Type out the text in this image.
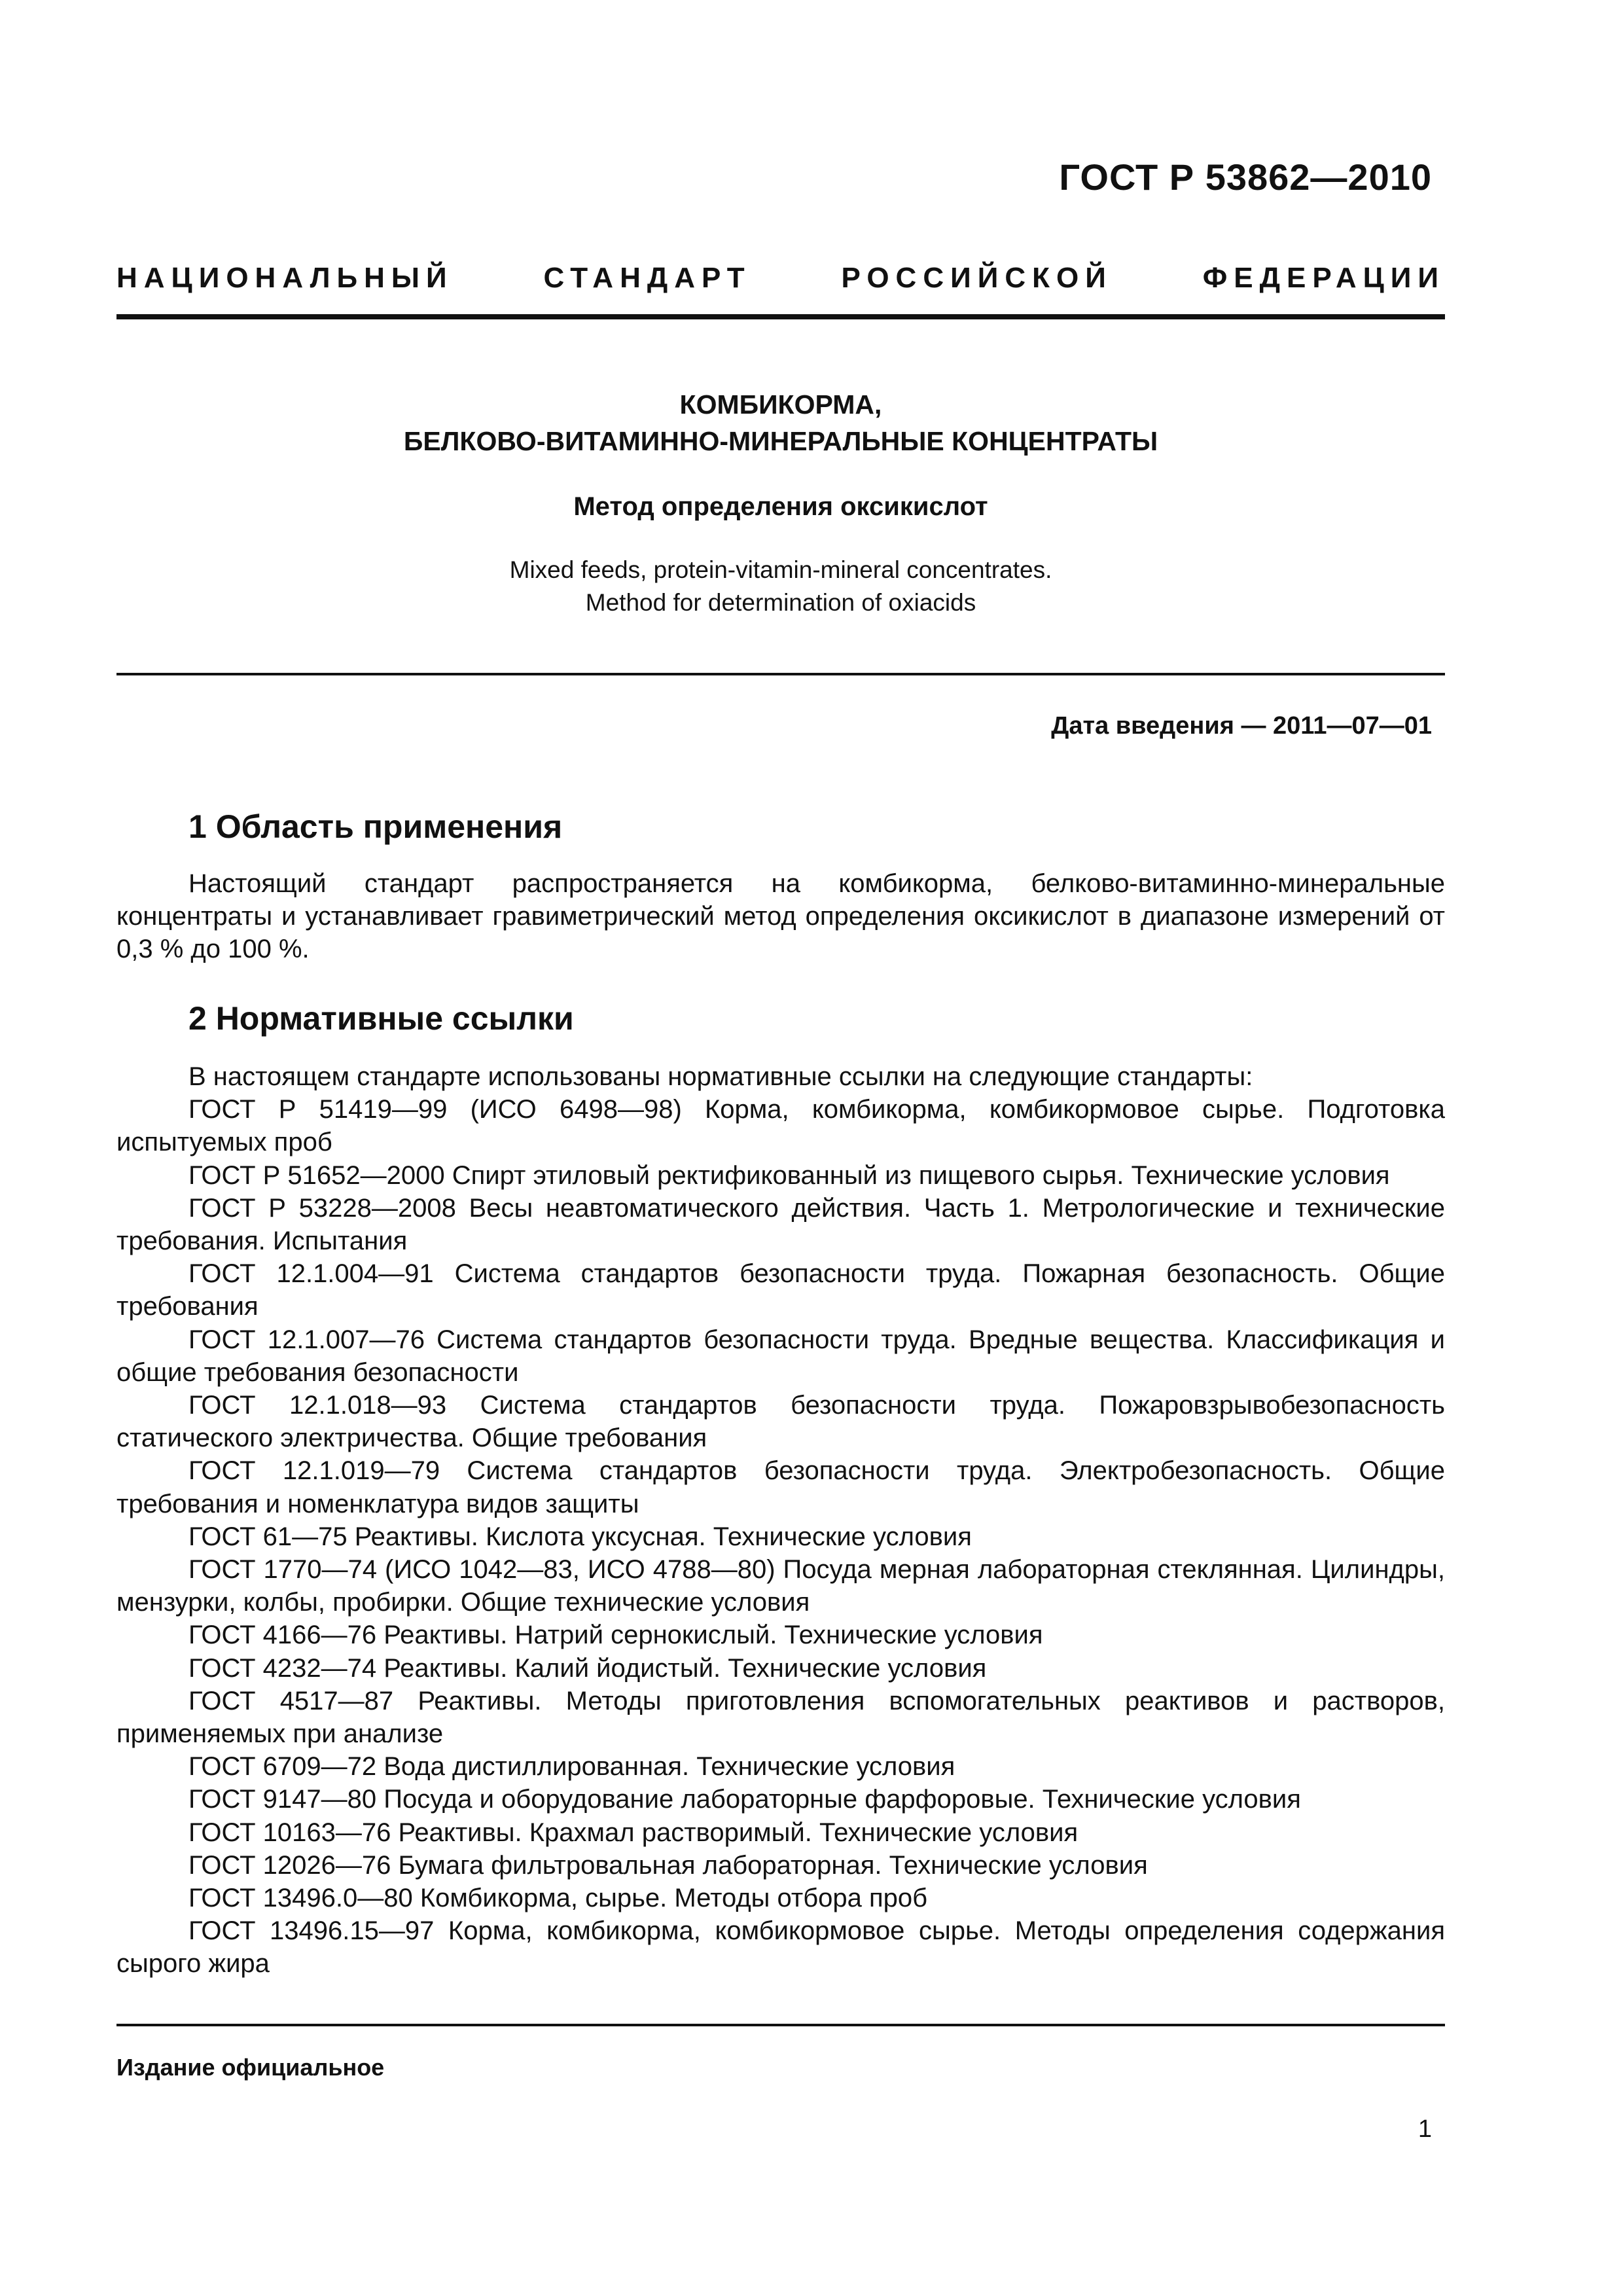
ГОСТ Р 53862—2010
НАЦИОНАЛЬНЫЙ СТАНДАРТ РОССИЙСКОЙ ФЕДЕРАЦИИ
КОМБИКОРМА,
БЕЛКОВО-ВИТАМИННО-МИНЕРАЛЬНЫЕ КОНЦЕНТРАТЫ
Метод определения оксикислот
Mixed feeds, protein-vitamin-mineral concentrates.
Method for determination of oxiacids
Дата введения — 2011—07—01
1 Область применения

Настоящий стандарт распространяется на комбикорма, белково-витаминно-минеральные концентраты и устанавливает гравиметрический метод определения оксикислот в диапазоне измерений от 0,3 % до 100 %.

2 Нормативные ссылки

В настоящем стандарте использованы нормативные ссылки на следующие стандарты:

ГОСТ Р 51419—99 (ИСО 6498—98) Корма, комбикорма, комбикормовое сырье. Подготовка испытуемых проб

ГОСТ Р 51652—2000 Спирт этиловый ректификованный из пищевого сырья. Технические условия

ГОСТ Р 53228—2008 Весы неавтоматического действия. Часть 1. Метрологические и технические требования. Испытания

ГОСТ 12.1.004—91 Система стандартов безопасности труда. Пожарная безопасность. Общие требования

ГОСТ 12.1.007—76 Система стандартов безопасности труда. Вредные вещества. Классификация и общие требования безопасности

ГОСТ 12.1.018—93 Система стандартов безопасности труда. Пожаровзрывобезопасность статического электричества. Общие требования

ГОСТ 12.1.019—79 Система стандартов безопасности труда. Электробезопасность. Общие требования и номенклатура видов защиты

ГОСТ 61—75 Реактивы. Кислота уксусная. Технические условия

ГОСТ 1770—74 (ИСО 1042—83, ИСО 4788—80) Посуда мерная лабораторная стеклянная. Цилиндры, мензурки, колбы, пробирки. Общие технические условия

ГОСТ 4166—76 Реактивы. Натрий сернокислый. Технические условия

ГОСТ 4232—74 Реактивы. Калий йодистый. Технические условия

ГОСТ 4517—87 Реактивы. Методы приготовления вспомогательных реактивов и растворов, применяемых при анализе

ГОСТ 6709—72 Вода дистиллированная. Технические условия

ГОСТ 9147—80 Посуда и оборудование лабораторные фарфоровые. Технические условия

ГОСТ 10163—76 Реактивы. Крахмал растворимый. Технические условия

ГОСТ 12026—76 Бумага фильтровальная лабораторная. Технические условия

ГОСТ 13496.0—80 Комбикорма, сырье. Методы отбора проб

ГОСТ 13496.15—97 Корма, комбикорма, комбикормовое сырье. Методы определения содержания сырого жира

Издание официальное
1
